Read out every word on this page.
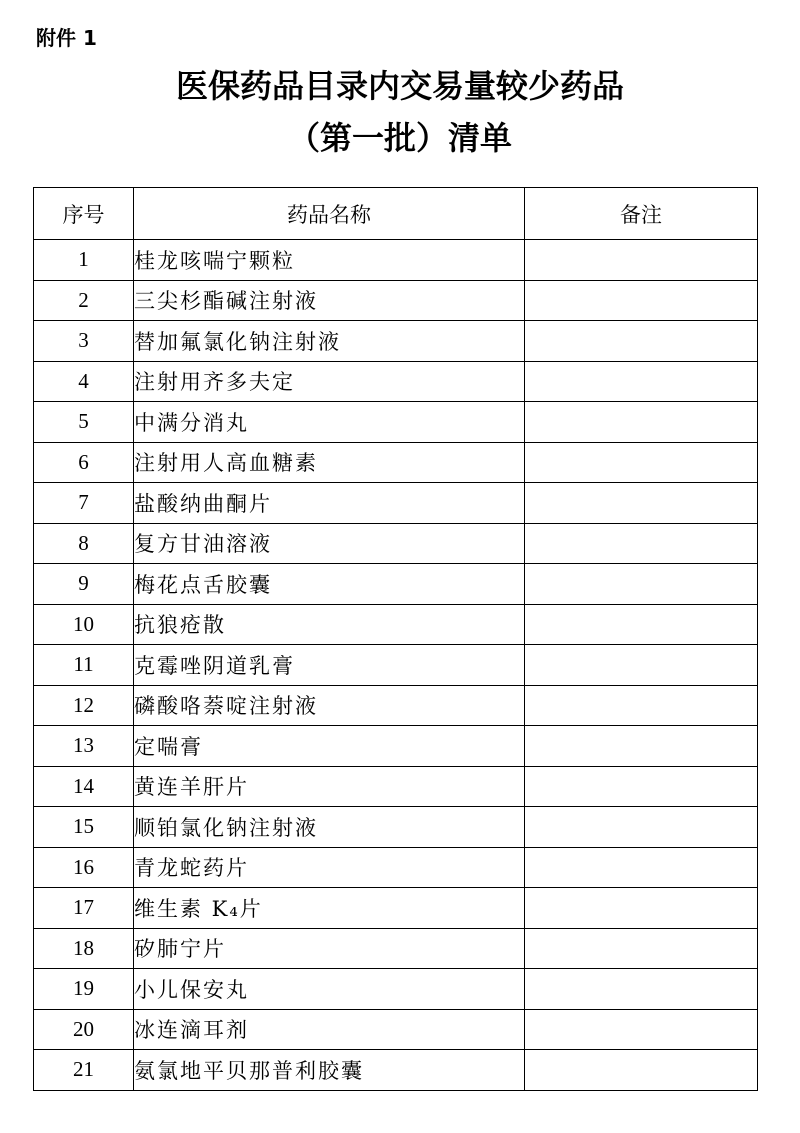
附件 1
医保药品目录内交易量较少药品
（第一批）清单
序号	药品名称	备注
1	桂龙咳喘宁颗粒	
2	三尖杉酯碱注射液	
3	替加氟氯化钠注射液	
4	注射用齐多夫定	
5	中满分消丸	
6	注射用人高血糖素	
7	盐酸纳曲酮片	
8	复方甘油溶液	
9	梅花点舌胶囊	
10	抗狼疮散	
11	克霉唑阴道乳膏	
12	磷酸咯萘啶注射液	
13	定喘膏	
14	黄连羊肝片	
15	顺铂氯化钠注射液	
16	青龙蛇药片	
17	维生素 K₄片	
18	矽肺宁片	
19	小儿保安丸	
20	冰连滴耳剂	
21	氨氯地平贝那普利胶囊	
